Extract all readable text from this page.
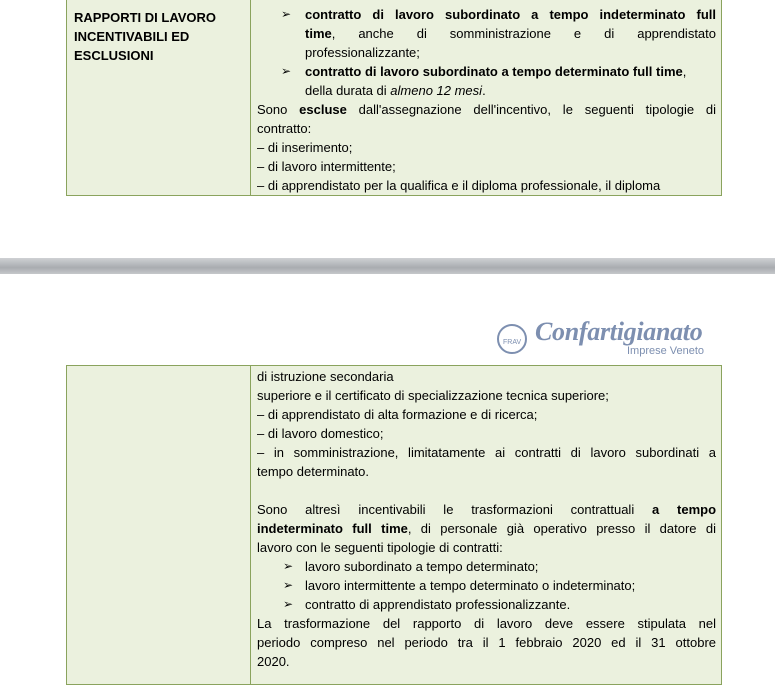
RAPPORTI DI LAVORO
INCENTIVABILI ED
ESCLUSIONI
➢ contratto di lavoro subordinato a tempo indeterminato full
time, anche di somministrazione e di apprendistato
professionalizzante;
➢ contratto di lavoro subordinato a tempo determinato full time,
della durata di almeno 12 mesi.
Sono escluse dall'assegnazione dell'incentivo, le seguenti tipologie di
contratto:
– di inserimento;
– di lavoro intermittente;
– di apprendistato per la qualifica e il diploma professionale, il diploma
FRAV Confartigianato
Imprese Veneto
di istruzione secondaria
superiore e il certificato di specializzazione tecnica superiore;
– di apprendistato di alta formazione e di ricerca;
– di lavoro domestico;
– in somministrazione, limitatamente ai contratti di lavoro subordinati a
tempo determinato.
Sono altresì incentivabili le trasformazioni contrattuali a tempo
indeterminato full time, di personale già operativo presso il datore di
lavoro con le seguenti tipologie di contratti:
➢ lavoro subordinato a tempo determinato;
➢ lavoro intermittente a tempo determinato o indeterminato;
➢ contratto di apprendistato professionalizzante.
La trasformazione del rapporto di lavoro deve essere stipulata nel
periodo compreso nel periodo tra il 1 febbraio 2020 ed il 31 ottobre
2020.
